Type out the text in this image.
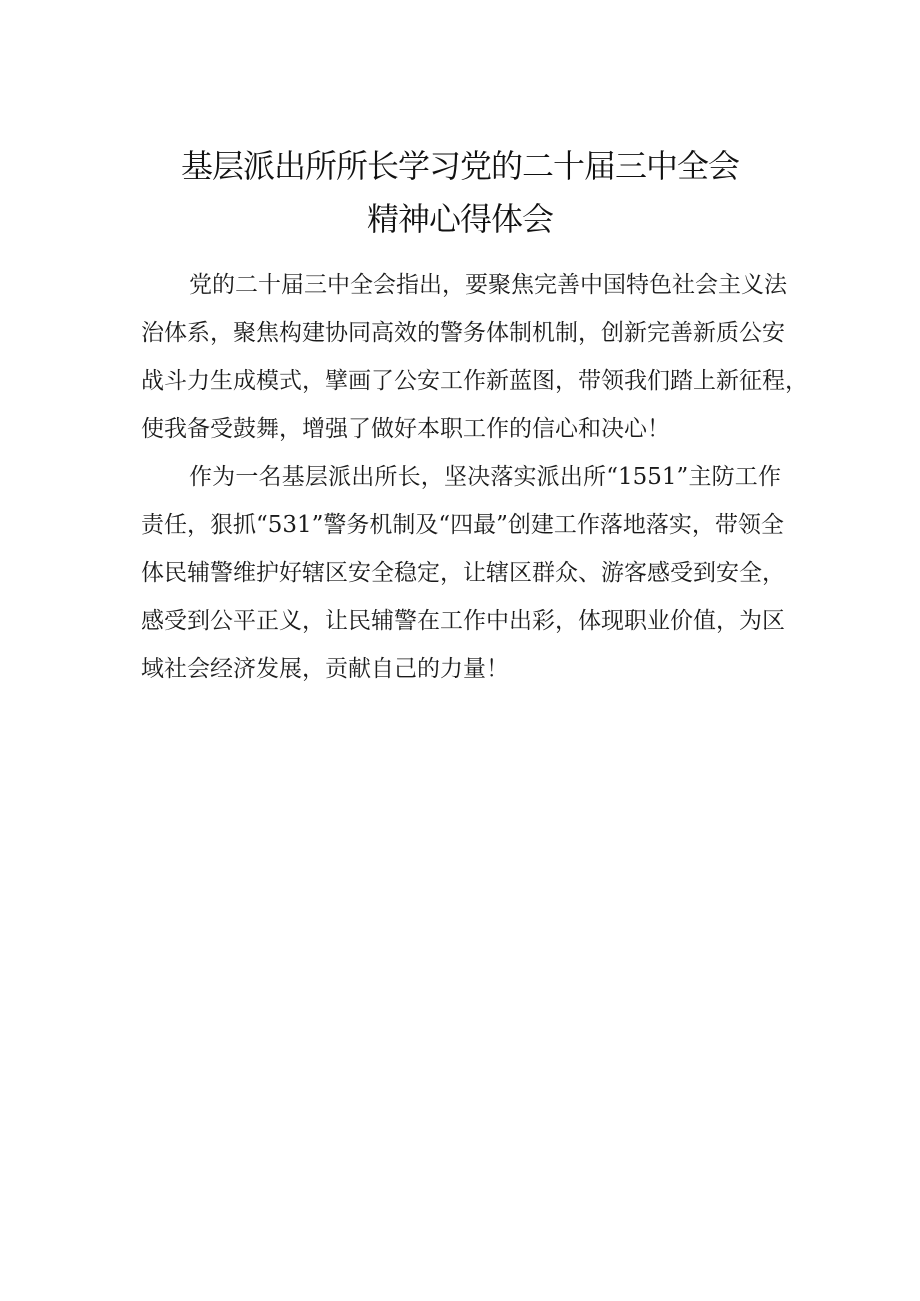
基层派出所所长学习党的二十届三中全会
精神心得体会
党的二十届三中全会指出，要聚焦完善中国特色社会主义法
治体系，聚焦构建协同高效的警务体制机制，创新完善新质公安
战斗力生成模式，擘画了公安工作新蓝图，带领我们踏上新征程，
使我备受鼓舞，增强了做好本职工作的信心和决心！
作为一名基层派出所长，坚决落实派出所“1551”主防工作
责任，狠抓“531”警务机制及“四最”创建工作落地落实，带领全
体民辅警维护好辖区安全稳定，让辖区群众、游客感受到安全，
感受到公平正义，让民辅警在工作中出彩，体现职业价值，为区
域社会经济发展，贡献自己的力量！
